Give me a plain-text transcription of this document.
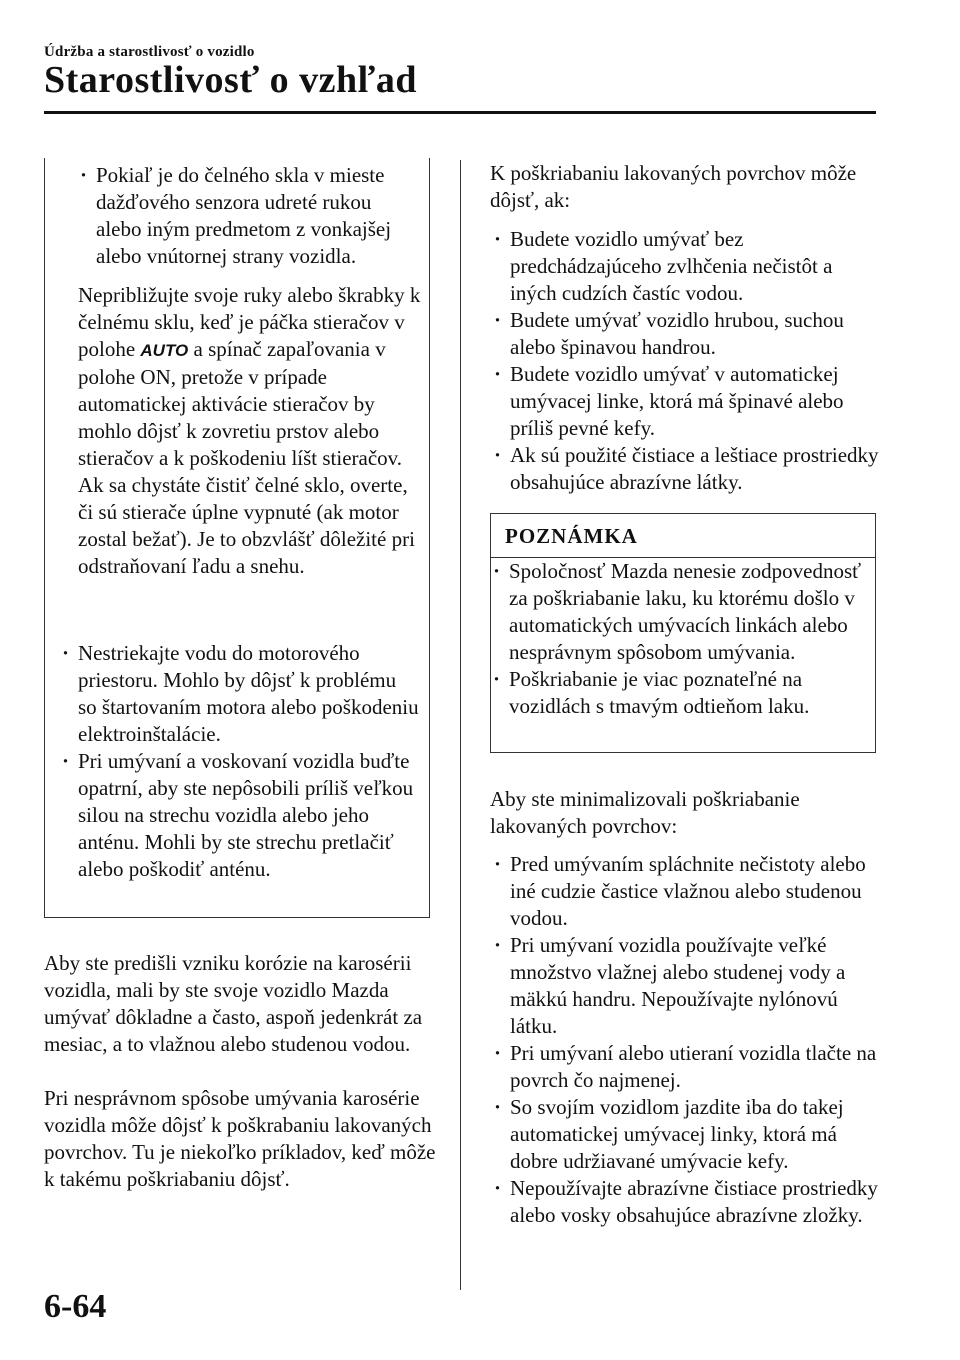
Údržba a starostlivosť o vozidlo
Starostlivosť o vzhľad
· Pokiaľ je do čelného skla v mieste dažďového senzora udreté rukou alebo iným predmetom z vonkajšej alebo vnútornej strany vozidla.

Nepribližujte svoje ruky alebo škrabky k čelnému sklu, keď je páčka stieračov v polohe AUTO a spínač zapaľovania v polohe ON, pretože v prípade automatickej aktivácie stieračov by mohlo dôjsť k zovretiu prstov alebo stieračov a k poškodeniu líšt stieračov.

Ak sa chystáte čistiť čelné sklo, overte, či sú stierače úplne vypnuté (ak motor zostal bežať). Je to obzvlášť dôležité pri odstraňovaní ľadu a snehu.

· Nestriekajte vodu do motorového priestoru. Mohlo by dôjsť k problému so štartovaním motora alebo poškodeniu elektroinštalácie.
· Pri umývaní a voskovaní vozidla buďte opatrní, aby ste nepôsobili príliš veľkou silou na strechu vozidla alebo jeho anténu. Mohli by ste strechu pretlačiť alebo poškodiť anténu.

Aby ste predišli vzniku korózie na karosérii vozidla, mali by ste svoje vozidlo Mazda umývať dôkladne a často, aspoň jedenkrát za mesiac, a to vlažnou alebo studenou vodou.

Pri nesprávnom spôsobe umývania karosérie vozidla môže dôjsť k poškrabaniu lakovaných povrchov. Tu je niekoľko príkladov, keď môže k takému poškriabaniu dôjsť.

K poškriabaniu lakovaných povrchov môže dôjsť, ak:

· Budete vozidlo umývať bez predchádzajúceho zvlhčenia nečistôt a iných cudzích častíc vodou.
· Budete umývať vozidlo hrubou, suchou alebo špinavou handrou.
· Budete vozidlo umývať v automatickej umývacej linke, ktorá má špinavé alebo príliš pevné kefy.
· Ak sú použité čistiace a leštiace prostriedky obsahujúce abrazívne látky.
POZNÁMKA
· Spoločnosť Mazda nenesie zodpovednosť za poškriabanie laku, ku ktorému došlo v automatických umývacích linkách alebo nesprávnym spôsobom umývania.
· Poškriabanie je viac poznateľné na vozidlách s tmavým odtieňom laku.

Aby ste minimalizovali poškriabanie lakovaných povrchov:

· Pred umývaním spláchnite nečistoty alebo iné cudzie častice vlažnou alebo studenou vodou.
· Pri umývaní vozidla používajte veľké množstvo vlažnej alebo studenej vody a mäkkú handru. Nepoužívajte nylónovú látku.
· Pri umývaní alebo utieraní vozidla tlačte na povrch čo najmenej.
· So svojím vozidlom jazdite iba do takej automatickej umývacej linky, ktorá má dobre udržiavané umývacie kefy.
· Nepoužívajte abrazívne čistiace prostriedky alebo vosky obsahujúce abrazívne zložky.
6-64
